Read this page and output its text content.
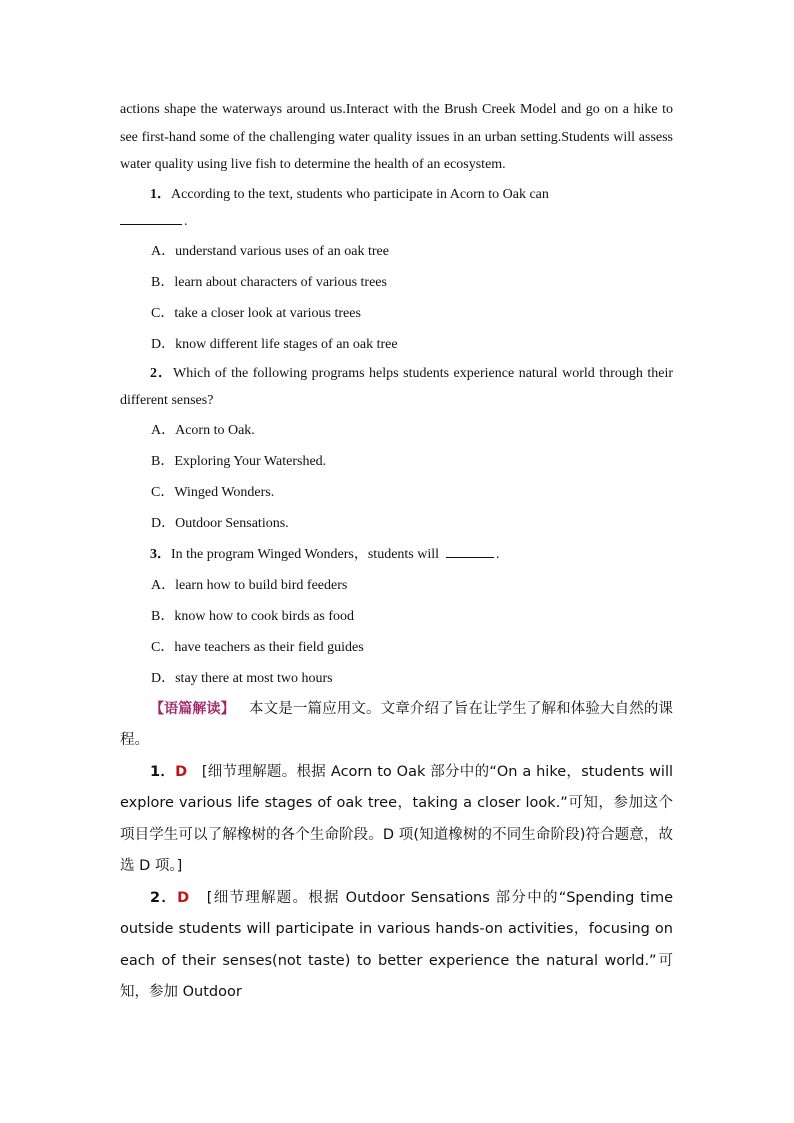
actions shape the waterways around us.Interact with the Brush Creek Model and go on a hike to see first-hand some of the challenging water quality issues in an urban setting.Students will assess water quality using live fish to determine the health of an ecosystem.

1．According to the text, students who participate in Acorn to Oak can

.

A．understand various uses of an oak tree

B．learn about characters of various trees

C．take a closer look at various trees

D．know different life stages of an oak tree

2．Which of the following programs helps students experience natural world through their different senses?

A．Acorn to Oak.

B．Exploring Your Watershed.

C．Winged Wonders.

D．Outdoor Sensations.

3．In the program Winged Wonders，students will	.

A．learn how to build bird feeders

B．know how to cook birds as food

C．have teachers as their field guides

D．stay there at most two hours

【语篇解读】 本文是一篇应用文。文章介绍了旨在让学生了解和体验大自然的课程。

1．D [细节理解题。根据 Acorn to Oak 部分中的“On a hike，students will explore various life stages of oak tree，taking a closer look.”可知，参加这个项目学生可以了解橡树的各个生命阶段。D 项(知道橡树的不同生命阶段)符合题意，故选 D 项。]

2．D [细节理解题。根据 Outdoor Sensations 部分中的“Spending time outside students will participate in various hands-on activities，focusing on each of their senses(not taste) to better experience the natural world.”可知，参加 Outdoor
